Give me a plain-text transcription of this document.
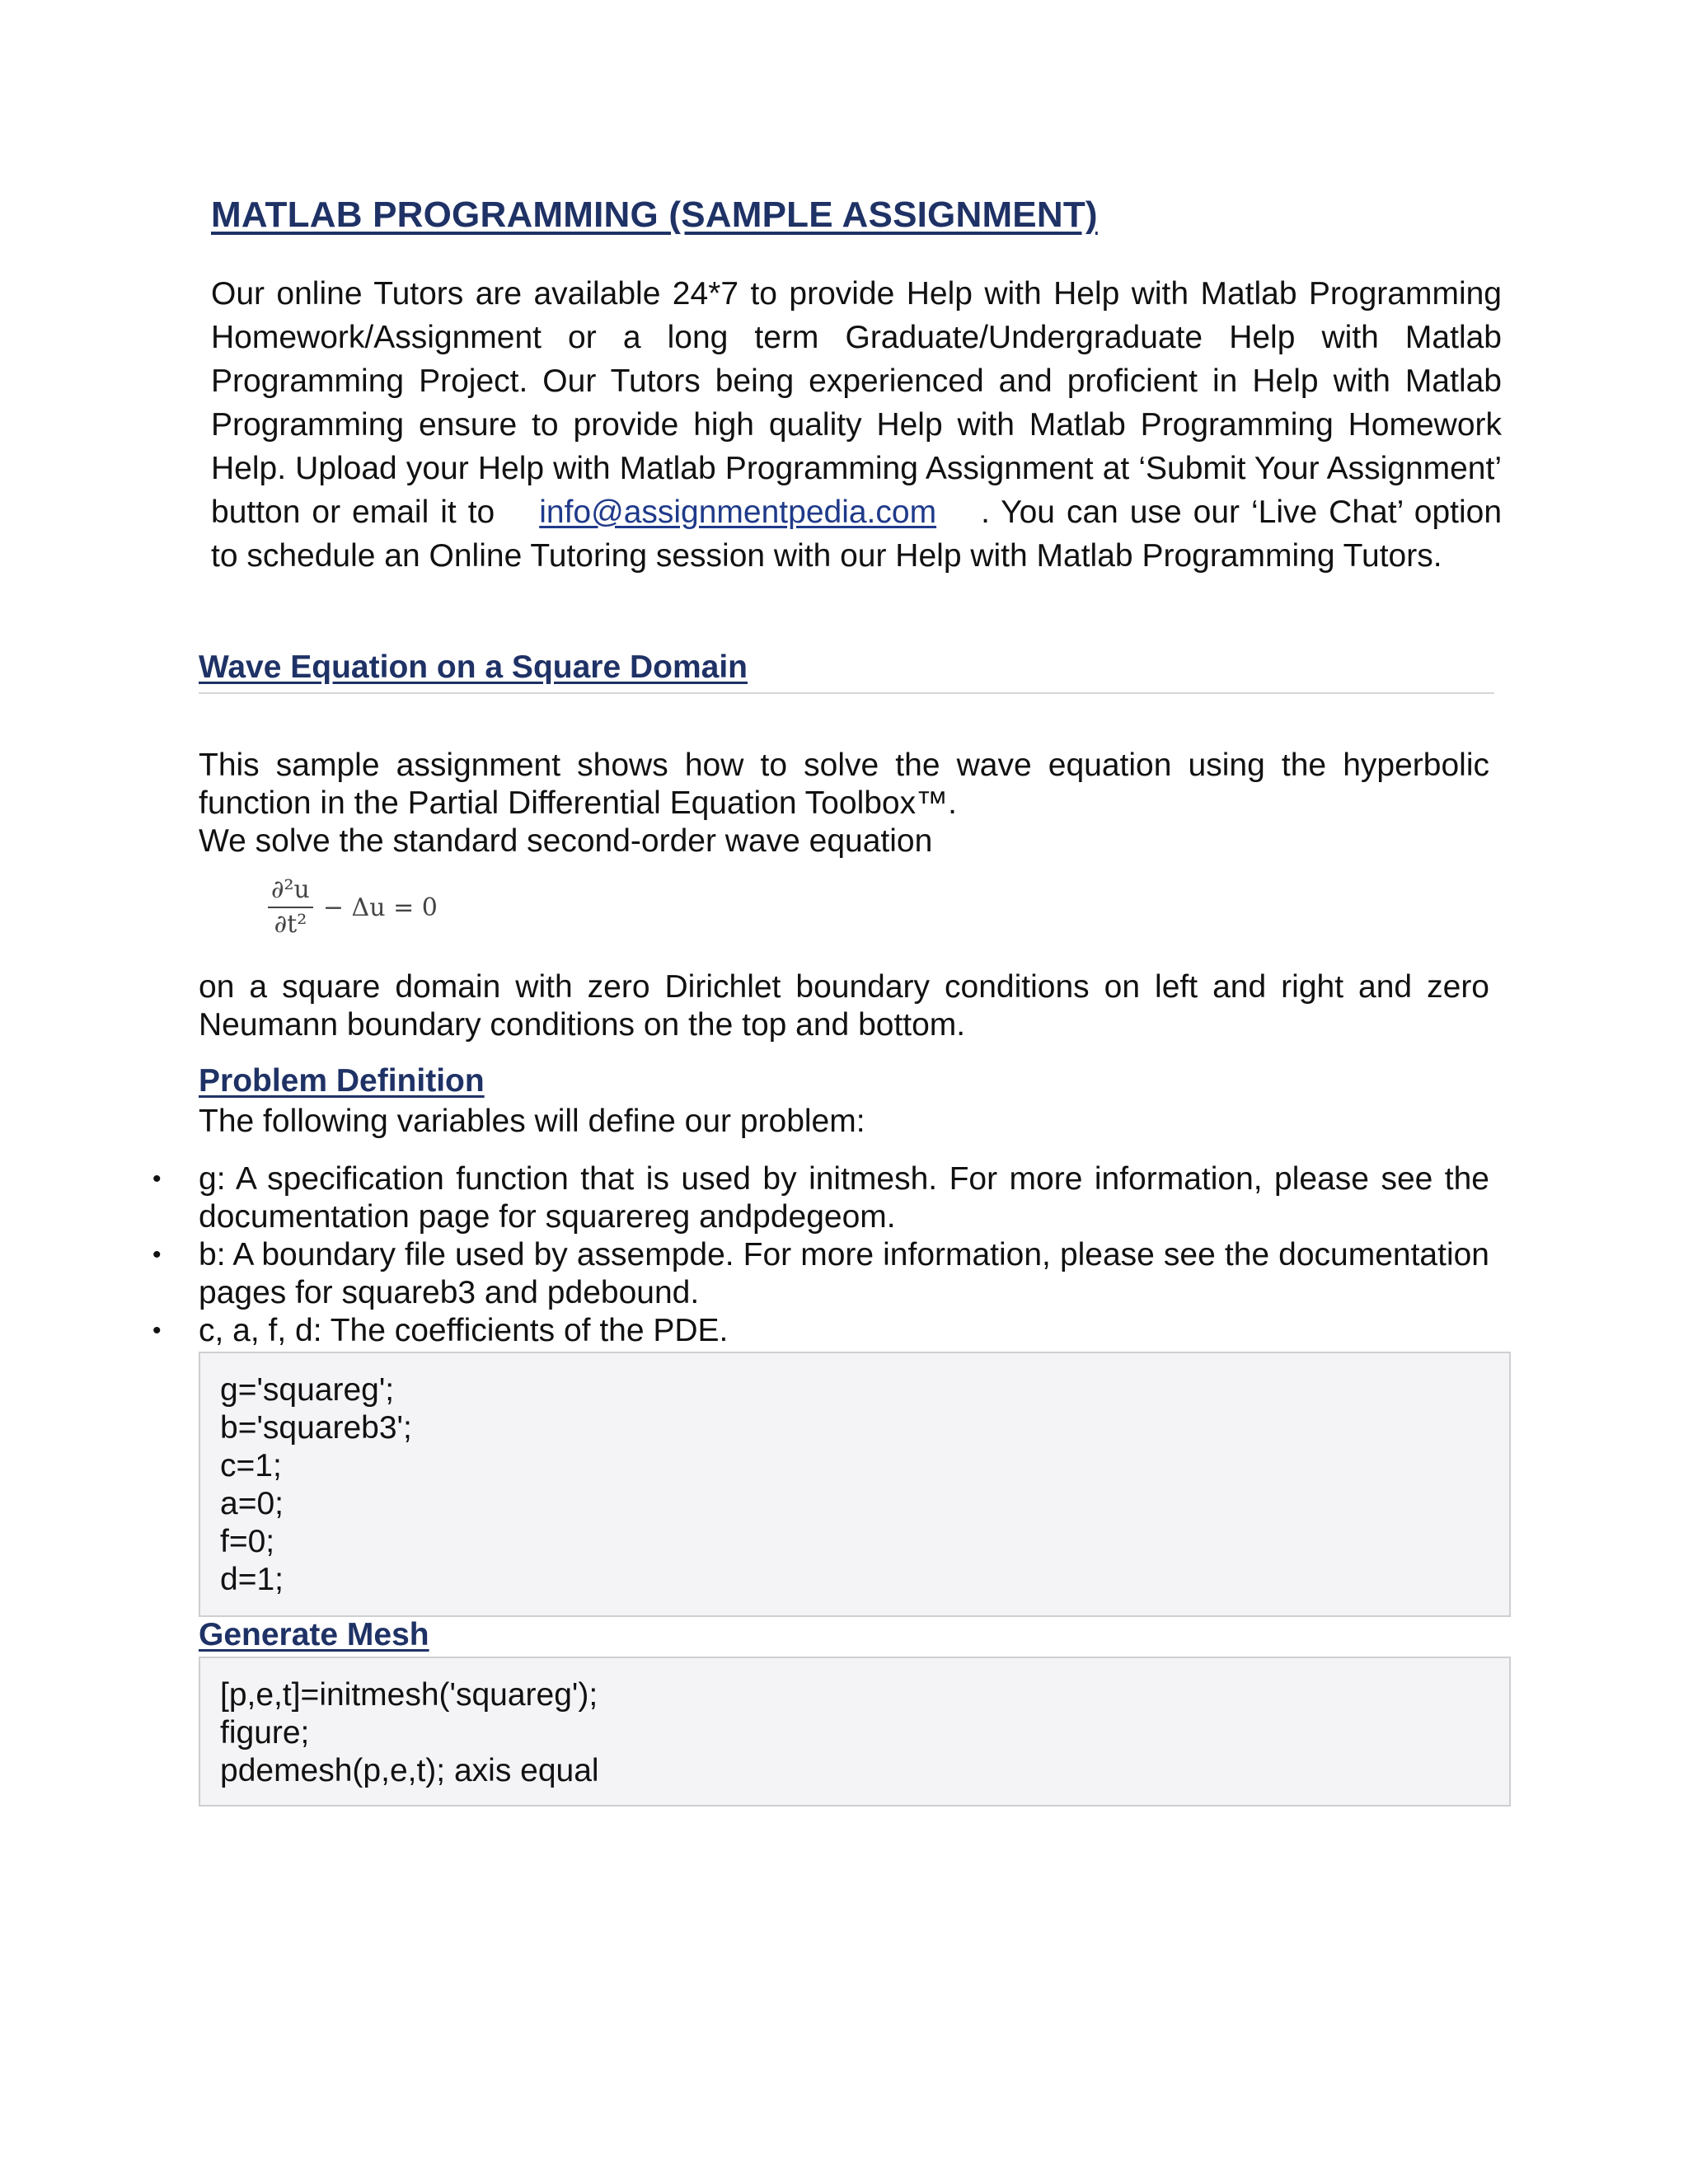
MATLAB PROGRAMMING (SAMPLE ASSIGNMENT)

Our online Tutors are available 24*7 to provide Help with Help with Matlab Programming Homework/Assignment or a long term Graduate/Undergraduate Help with Matlab Programming Project. Our Tutors being experienced and proficient in Help with Matlab Programming ensure to provide high quality Help with Matlab Programming Homework Help. Upload your Help with Matlab Programming Assignment at ‘Submit Your Assignment’ button or email it to info@assignmentpedia.com . You can use our ‘Live Chat’ option to schedule an Online Tutoring session with our Help with Matlab Programming Tutors.

Wave Equation on a Square Domain

This sample assignment shows how to solve the wave equation using the hyperbolic function in the Partial Differential Equation Toolbox™.

We solve the standard second-order wave equation

$\frac{\text{∂²u}}{\text{∂t²}} - \Delta u = 0$

on a square domain with zero Dirichlet boundary conditions on left and right and zero Neumann boundary conditions on the top and bottom.

Problem Definition

The following variables will define our problem:

• g: A specification function that is used by initmesh. For more information, please see the documentation page for squarereg andpdegeom.
• b: A boundary file used by assempde. For more information, please see the documentation pages for squareb3 and pdebound.
• c, a, f, d: The coefficients of the PDE.
g='squareg';
b='squareb3';
c=1;
a=0;
f=0;
d=1;
Generate Mesh
[p,e,t]=initmesh('squareg');
figure;
pdemesh(p,e,t); axis equal
